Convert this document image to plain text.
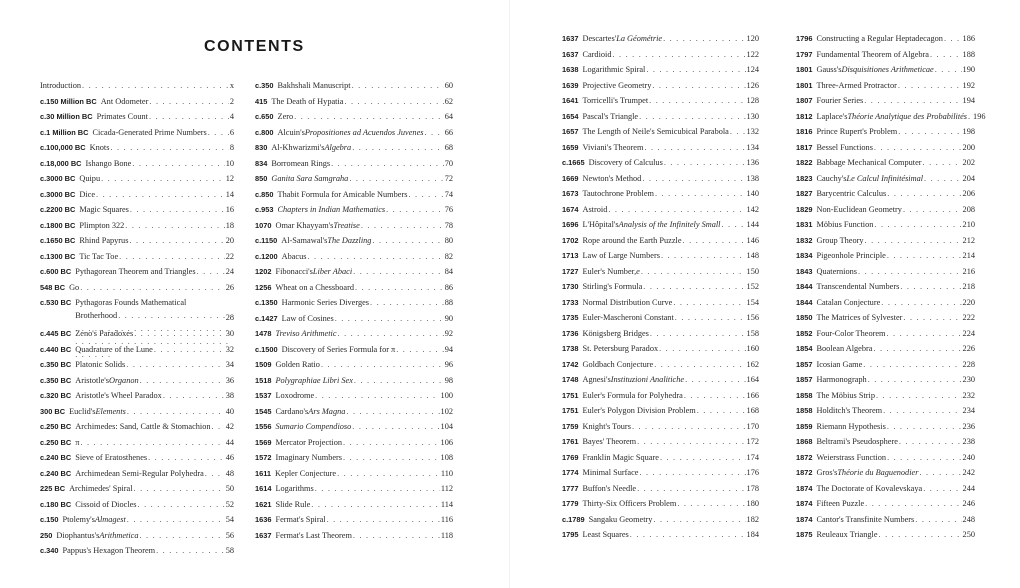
CONTENTS
Introduction . . .	x
c.150 Million BC Ant Odometer . . .	2
c.30 Million BC Primates Count . . .	4
c.1 Million BC Cicada-Generated Prime Numbers . . .	6
c.100,000 BC Knots . . .	8
c.18,000 BC Ishango Bone . . .	10
c.3000 BC Quipu . . .	12
c.3000 BC Dice . . .	14
c.2200 BC Magic Squares . . .	16
c.1800 BC Plimpton 322 . . .	18
c.1650 BC Rhind Papyrus . . .	20
c.1300 BC Tic Tac Toe . . .	22
c.600 BC Pythagorean Theorem and Triangles . . .	24
548 BC Go . . .	26
c.530 BC Pythagoras Founds Mathematical Brotherhood . . .	28
c.445 BC Zeno's Paradoxes . . .	30
c.440 BC Quadrature of the Lune . . .	32
c.350 BC Platonic Solids . . .	34
c.350 BC Aristotle's Organon . . .	36
c.320 BC Aristotle's Wheel Paradox . . .	38
300 BC Euclid's Elements . . .	40
c.250 BC Archimedes: Sand, Cattle & Stomachion . . . 42
c.250 BC π . . .	44
c.240 BC Sieve of Eratosthenes . . .	46
c.240 BC Archimedean Semi-Regular Polyhedra . . .	48
225 BC Archimedes' Spiral . . .	50
c.180 BC Cissoid of Diocles . . .	52
c.150 Ptolemy's Almagest . . .	54
250 Diophantus's Arithmetica . . .	56
c.340 Pappus's Hexagon Theorem . . .	58
c.350 Bakhshali Manuscript . . .	60
415 The Death of Hypatia . . .	62
c.650 Zero . . .	64
c.800 Alcuin's Propositiones ad Acuendos Juvenes . . .	66
830 Al-Khwarizmi's Algebra . . .	68
834 Borromean Rings . . .	70
850 Ganita Sara Samgraha . . .	72
c.850 Thabit Formula for Amicable Numbers . . .	74
c.953 Chapters in Indian Mathematics . . .	76
1070 Omar Khayyam's Treatise . . .	78
c.1150 Al-Samawal's The Dazzling . . .	80
c.1200 Abacus . . .	82
1202 Fibonacci's Liber Abaci . . .	84
1256 Wheat on a Chessboard . . .	86
c.1350 Harmonic Series Diverges . . .	88
c.1427 Law of Cosines . . .	90
1478 Treviso Arithmetic . . .	92
c.1500 Discovery of Series Formula for π . . .	94
1509 Golden Ratio . . .	96
1518 Polygraphiae Libri Sex . . .	98
1537 Loxodrome . . .	100
1545 Cardano's Ars Magna . . .	102
1556 Sumario Compendioso . . .	104
1569 Mercator Projection . . .	106
1572 Imaginary Numbers . . .	108
1611 Kepler Conjecture . . .	110
1614 Logarithms . . .	112
1621 Slide Rule . . .	114
1636 Fermat's Spiral . . .	116
1637 Fermat's Last Theorem . . .	118
1637 Descartes' La Géométrie . . .	120
1637 Cardioid . . .	122
1638 Logarithmic Spiral . . .	124
1639 Projective Geometry . . .	126
1641 Torricelli's Trumpet . . .	128
1654 Pascal's Triangle . . .	130
1657 The Length of Neile's Semicubical Parabola . . . 132
1659 Viviani's Theorem . . .	134
c.1665 Discovery of Calculus . . .	136
1669 Newton's Method . . .	138
1673 Tautochrone Problem . . .	140
1674 Astroid . . .	142
1696 L'Hôpital's Analysis of the Infinitely Small . . .	144
1702 Rope around the Earth Puzzle . . .	146
1713 Law of Large Numbers . . .	148
1727 Euler's Number, e . . .	150
1730 Stirling's Formula . . .	152
1733 Normal Distribution Curve . . .	154
1735 Euler-Mascheroni Constant . . .	156
1736 Königsberg Bridges . . .	158
1738 St. Petersburg Paradox . . .	160
1742 Goldbach Conjecture . . .	162
1748 Agnesi's Instituzioni Analitiche . . .	164
1751 Euler's Formula for Polyhedra . . .	166
1751 Euler's Polygon Division Problem . . .	168
1759 Knight's Tours . . .	170
1761 Bayes' Theorem . . .	172
1769 Franklin Magic Square . . .	174
1774 Minimal Surface . . .	176
1777 Buffon's Needle . . .	178
1779 Thirty-Six Officers Problem . . .	180
c.1789 Sangaku Geometry . . .	182
1795 Least Squares . . .	184
1796 Constructing a Regular Heptadecagon . . . 186
1797 Fundamental Theorem of Algebra . . .	188
1801 Gauss's Disquisitiones Arithmeticae . . .	190
1801 Three-Armed Protractor . . .	192
1807 Fourier Series . . .	194
1812 Laplace's Théorie Analytique des Probabilités . . . 196
1816 Prince Rupert's Problem . . .	198
1817 Bessel Functions . . .	200
1822 Babbage Mechanical Computer . . .	202
1823 Cauchy's Le Calcul Infinitésimal . . .	204
1827 Barycentric Calculus . . .	206
1829 Non-Euclidean Geometry . . .	208
1831 Möbius Function . . .	210
1832 Group Theory . . .	212
1834 Pigeonhole Principle . . .	214
1843 Quaternions . . .	216
1844 Transcendental Numbers . . .	218
1844 Catalan Conjecture . . .	220
1850 The Matrices of Sylvester . . .	222
1852 Four-Color Theorem . . .	224
1854 Boolean Algebra . . .	226
1857 Icosian Game . . .	228
1857 Harmonograph . . .	230
1858 The Möbius Strip . . .	232
1858 Holditch's Theorem . . .	234
1859 Riemann Hypothesis . . .	236
1868 Beltrami's Pseudosphere . . .	238
1872 Weierstrass Function . . .	240
1872 Gros's Théorie du Baguenodier . . .	242
1874 The Doctorate of Kovalevskaya . . .	244
1874 Fifteen Puzzle . . .	246
1874 Cantor's Transfinite Numbers . . .	248
1875 Reuleaux Triangle . . .	250
